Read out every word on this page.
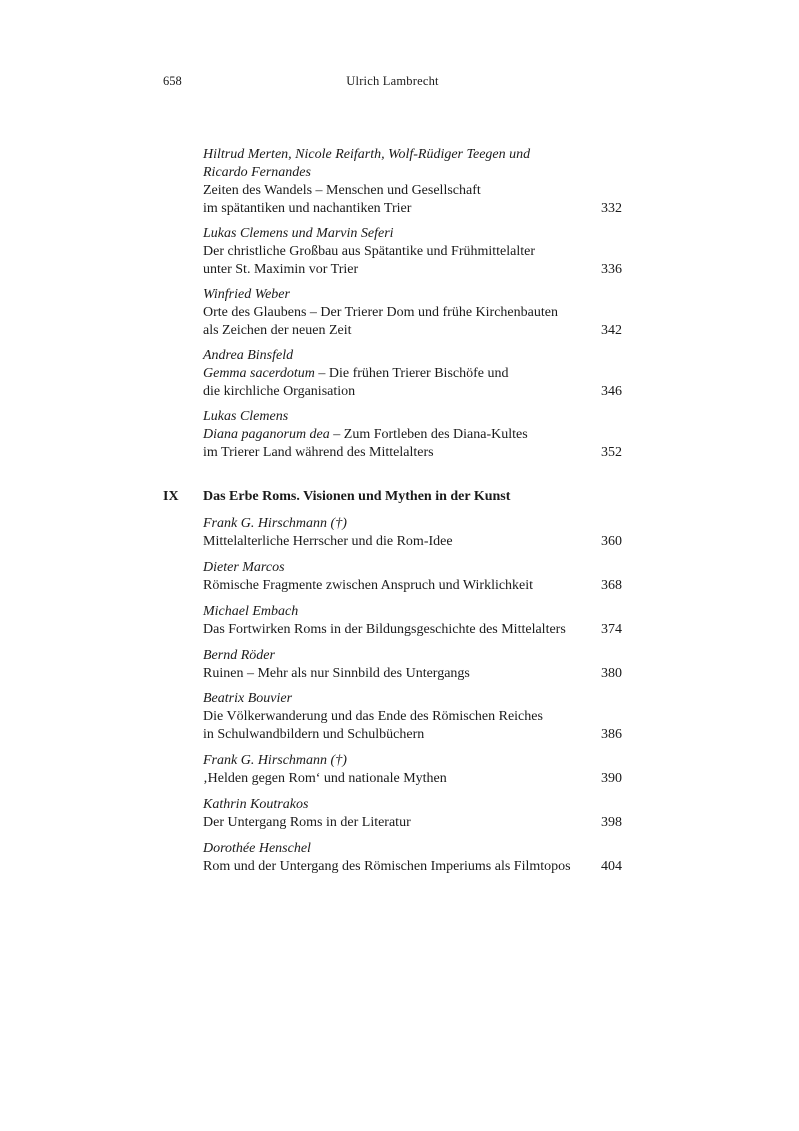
658	Ulrich Lambrecht
Hiltrud Merten, Nicole Reifarth, Wolf-Rüdiger Teegen und
Ricardo Fernandes
Zeiten des Wandels – Menschen und Gesellschaft
im spätantiken und nachantiken Trier	332
Lukas Clemens und Marvin Seferi
Der christliche Großbau aus Spätantike und Frühmittelalter
unter St. Maximin vor Trier	336
Winfried Weber
Orte des Glaubens – Der Trierer Dom und frühe Kirchenbauten
als Zeichen der neuen Zeit	342
Andrea Binsfeld
Gemma sacerdotum – Die frühen Trierer Bischöfe und
die kirchliche Organisation	346
Lukas Clemens
Diana paganorum dea – Zum Fortleben des Diana-Kultes
im Trierer Land während des Mittelalters	352
IX Das Erbe Roms. Visionen und Mythen in der Kunst
Frank G. Hirschmann (†)
Mittelalterliche Herrscher und die Rom-Idee	360
Dieter Marcos
Römische Fragmente zwischen Anspruch und Wirklichkeit	368
Michael Embach
Das Fortwirken Roms in der Bildungsgeschichte des Mittelalters	374
Bernd Röder
Ruinen – Mehr als nur Sinnbild des Untergangs	380
Beatrix Bouvier
Die Völkerwanderung und das Ende des Römischen Reiches
in Schulwandbildern und Schulbüchern	386
Frank G. Hirschmann (†)
‚Helden gegen Rom‘ und nationale Mythen	390
Kathrin Koutrakos
Der Untergang Roms in der Literatur	398
Dorothée Henschel
Rom und der Untergang des Römischen Imperiums als Filmtopos	404
